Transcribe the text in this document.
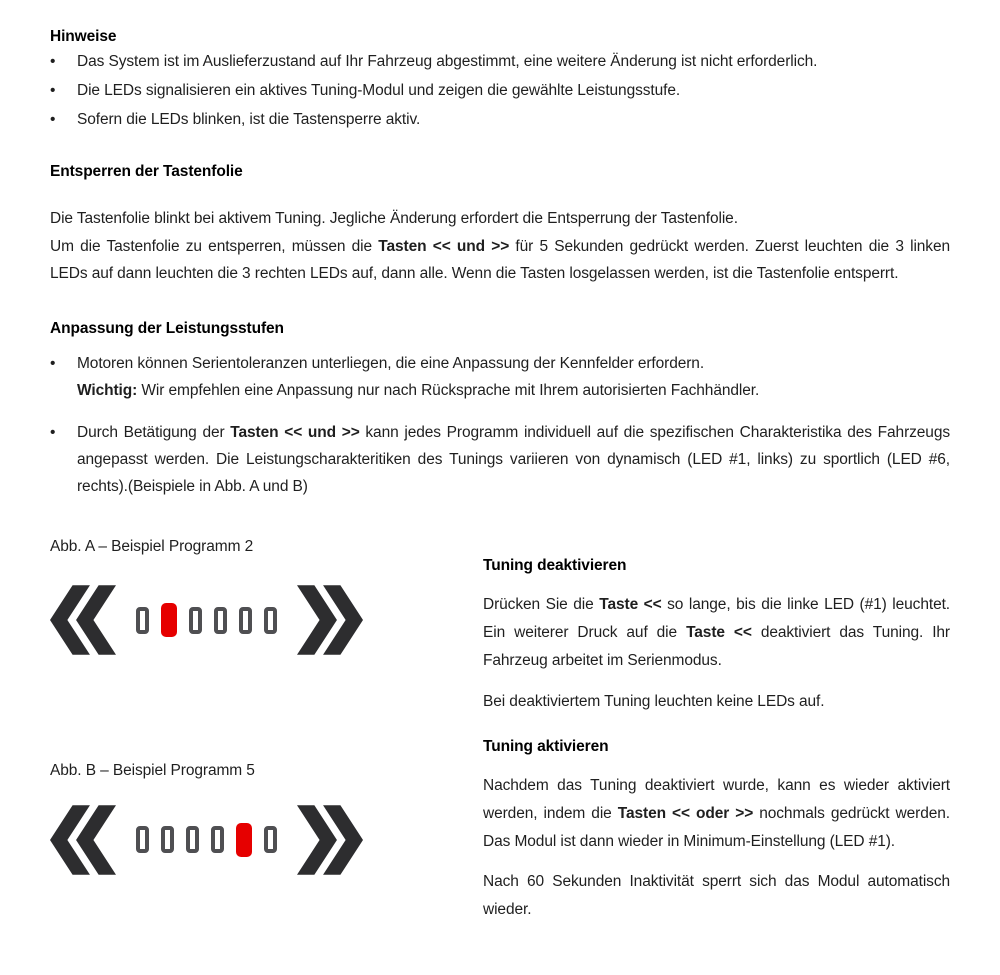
Hinweise
•
Das System ist im Auslieferzustand auf Ihr Fahrzeug abgestimmt, eine weitere Änderung ist nicht erforderlich.
•
Die LEDs signalisieren ein aktives Tuning-Modul und zeigen die gewählte Leistungsstufe.
•
Sofern die LEDs blinken, ist die Tastensperre aktiv.
Entsperren der Tastenfolie
Die Tastenfolie blinkt bei aktivem Tuning. Jegliche Änderung erfordert die Entsperrung der Tastenfolie.
Um die Tastenfolie zu entsperren, müssen die Tasten << und >> für 5 Sekunden gedrückt werden. Zuerst leuchten die 3 linken LEDs auf dann leuchten die 3 rechten LEDs auf, dann alle. Wenn die Tasten losgelassen werden, ist die Tastenfolie entsperrt.
Anpassung der Leistungsstufen
•
Motoren können Serientoleranzen unterliegen, die eine Anpassung der Kennfelder erfordern.
Wichtig: Wir empfehlen eine Anpassung nur nach Rücksprache mit Ihrem autorisierten Fachhändler.
•
Durch Betätigung der Tasten << und >> kann jedes Programm individuell auf die spezifischen Charakteristika des Fahrzeugs angepasst werden. Die Leistungscharakteritiken des Tunings variieren von dynamisch (LED #1, links) zu sportlich (LED #6, rechts).(Beispiele in Abb. A und B)
Abb. A – Beispiel Programm 2
Abb. B – Beispiel Programm 5
Tuning deaktivieren
Drücken Sie die Taste << so lange, bis die linke LED (#1) leuchtet. Ein weiterer Druck auf die Taste << deaktiviert das Tuning. Ihr Fahrzeug arbeitet im Serienmodus.
Bei deaktiviertem Tuning leuchten keine LEDs auf.
Tuning aktivieren
Nachdem das Tuning deaktiviert wurde, kann es wieder aktiviert werden, indem die Tasten << oder >> nochmals gedrückt werden. Das Modul ist dann wieder in Minimum-Einstellung (LED #1).
Nach 60 Sekunden Inaktivität sperrt sich das Modul automatisch wieder.
